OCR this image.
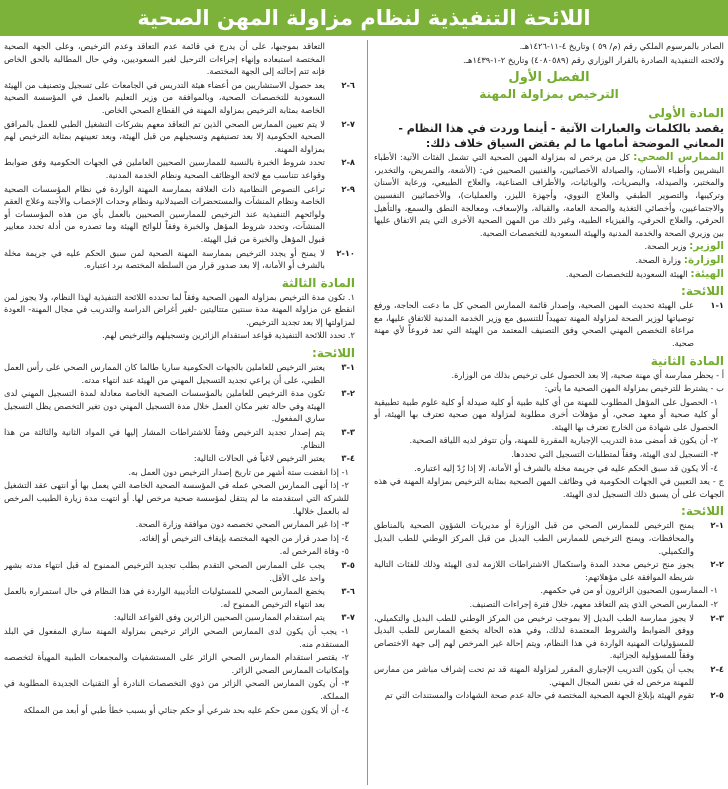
اللائحة التنفيذية لنظام مزاولة المهن الصحية

الصادر بالمرسوم الملكي رقم (م/ ٥٩ ) وتاريخ ٤-١١-١٤٢٦هـ.

ولائحته التنفيذية الصادرة بالقرار الوزاري رقم (٤٠٨٠٥٨٩) وتاريخ ٢-١-١٤٣٩هـ.

الفصل الأول
الترخيص بمزاولة المهنة
المادة الأولى
يقصد بالكلمات والعبارات الآتية - أينما وردت في هذا النظام - المعاني الموضحة أمامها ما لم يقتض السياق خلاف ذلك:

الممارس الصحي: كل من يرخص له بمزاولة المهن الصحية التي تشمل الفئات الآتية: الأطباء البشريين وأطباء الأسنان، والصيادلة الأخصائيين، والفنيين الصحيين في: (الأشعة، والتمريض، والتخدير، والمختبر، والصيدلة، والبصريات، والوبائيات، والأطراف الصناعية، والعلاج الطبيعي، ورعاية الأسنان وتركيبها، والتصوير الطبقي والعلاج النووي، وأجهزة الليزر، والعمليات)، والأخصائيين النفسيين والاجتماعيين، وأخصائي التغذية والصحة العامة، والقبالة، والإسعاف، ومعالجة النطق والسمع، والتأهيل الحرفي، والعلاج الحرفي، والفيزياء الطبية، وغير ذلك من المهن الصحية الأخرى التي يتم الاتفاق عليها بين وزيري الصحة والخدمة المدنية والهيئة السعودية للتخصصات الصحية.

الوزير: وزير الصحة.

الوزارة: وزارة الصحة.

الهيئة: الهيئة السعودية للتخصصات الصحية.

اللائحة:
١-١
على الهيئة تحديث المهن الصحية، وإصدار قائمة الممارس الصحي كل ما دعت الحاجة، ورفع توصياتها لوزير الصحة لمزاولة المهنة تمهيداً للتنسيق مع وزير الخدمة المدنية للاتفاق عليها، مع مراعاة التخصص المهني الصحي وفق التصنيف المعتمد من الهيئة التي تعد فروعاً لأي مهنة صحية.
المادة الثانية

أ - يحظر ممارسة أي مهنة صحية، إلا بعد الحصول على ترخيص بذلك من الوزارة.

ب - يشترط للترخيص بمزاولة المهن الصحية ما يأتي:

١- الحصول على المؤهل المطلوب للمهنة من أي كلية طبية أو كلية صيدلة أو كلية علوم طبية تطبيقية أو كلية صحية أو معهد صحي، أو مؤهلات أخرى مطلوبة لمزاولة مهن صحية تعترف بها الهيئة، أو الحصول على شهادة من الخارج تعترف بها الهيئة.

٢- أن يكون قد أمضى مدة التدريب الإجبارية المقررة للمهنة، وأن تتوفر لديه اللياقة الصحية.

٣- التسجيل لدى الهيئة، وفقاً لمتطلبات التسجيل التي تحددها.

٤- ألا يكون قد سبق الحكم عليه في جريمة مخلة بالشرف أو الأمانة، إلا إذا رُدّ إليه اعتباره.

ج - يعد التعيين في الجهات الحكومية في وظائف المهن الصحية بمثابة الترخيص بمزاولة المهنة في هذه الجهات على أن يسبق ذلك التسجيل لدى الهيئة.

اللائحة:
١-٢
يمنح الترخيص للممارس الصحي من قبل الوزارة أو مديريات الشؤون الصحية بالمناطق والمحافظات، ويمنح الترخيص للممارس الطب البديل من قبل المركز الوطني للطب البديل والتكميلي.
٢-٢
يجوز منح ترخيص محدد المدة واستكمال الاشتراطات اللازمة لدى الهيئة وذلك للفئات التالية شريطة الموافقة على مؤهلاتهم:

١- الممارسون الصحيون الزائرون أو من في حكمهم.

٢- الممارس الصحي الذي يتم التعاقد معهم، خلال فترة إجراءات التصنيف.

٣-٢
لا يجوز ممارسة الطب البديل إلا بموجب ترخيص من المركز الوطني للطب البديل والتكميلي، ووفق الضوابط والشروط المعتمدة لذلك، وفي هذه الحالة يخضع الممارس للطب البديل للمسؤوليات المهنية الواردة في هذا النظام، ويتم إحالة غير المرخص لهم إلى جهة الاختصاص وفقاً للمسؤولية الجزائية.
٤-٢
يجب أن يكون التدريب الإجباري المقرر لمزاولة المهنة قد تم تحت إشراف مباشر من ممارس للمهنة مرخص له في نفس المجال المهني.
٥-٢
تقوم الهيئة بإبلاغ الجهة الصحية المختصة في حالة عدم صحة الشهادات والمستندات التي تم
التعاقد بموجبها، على أن يدرج في قائمة عدم التعاقد وعدم الترخيص، وعلى الجهة الصحية المختصة استبعاده وإنهاء إجراءات الترحيل لغير السعوديين، وفي حال المطالبة بالحق الخاص فإنه تتم إحالته إلى الجهة المختصة.
٦-٢
يعد حصول الاستشاريين من أعضاء هيئة التدريس في الجامعات على تسجيل وتصنيف من الهيئة السعودية للتخصصات الصحية، وبالموافقة من وزير التعليم بالعمل في المؤسسة الصحية الخاصة بمثابة الترخيص بمزاولة المهنة في القطاع الصحي الخاص.
٧-٢
لا يتم تعيين الممارس الصحي الذين تم التعاقد معهم بشركات التشغيل الطبي للعمل بالمرافق الصحية الحكومية إلا بعد تصنيفهم وتسجيلهم من قبل الهيئة، وبعد تعيينهم بمثابة الترخيص لهم بمزاولة المهنة.
٨-٢
تحدد شروط الخبرة بالنسبة للممارسين الصحيين العاملين في الجهات الحكومية وفق ضوابط وقواعد تتناسب مع لائحة الوظائف الصحية ونظام الخدمة المدنية.
٩-٢
تراعى النصوص النظامية ذات العلاقة بممارسة المهنة الواردة في نظام المؤسسات الصحية الخاصة ونظام المنشآت والمستحضرات الصيدلانية ونظام وحدات الإخصاب والأجنة وعلاج العقم ولوائحهم التنفيذية عند الترخيص للممارسين الصحيين بالعمل بأي من هذه المؤسسات أو المنشآت، وتحدد شروط المؤهل والخبرة وفقاً للوائح الهيئة وما تصدره من أدلة تحدد معايير قبول المؤهل والخبرة من قبل الهيئة.
١٠-٢
لا يمنح أو يجدد الترخيص بممارسة المهنة الصحية لمن سبق الحكم عليه في جريمة مخلة بالشرف أو الأمانة، إلا بعد صدور قرار من السلطة المختصة برد اعتباره.
المادة الثالثة

١. تكون مدة الترخيص بمزاولة المهن الصحية وفقاً لما تحدده اللائحة التنفيذية لهذا النظام، ولا يجوز لمن انقطع عن مزاولة المهنة مدة سنتين متتاليتين -لغير أغراض الدراسة والتدريب في مجال المهنة- العودة لمزاولتها إلا بعد تجديد الترخيص.

٢. تحدد اللائحة التنفيذية قواعد استقدام الزائرين وتسجيلهم والترخيص لهم.

اللائحة:
١-٣
يعتبر الترخيص للعاملين بالجهات الحكومية ساريا طالما كان الممارس الصحي على رأس العمل الطبي، على أن يراعي تجديد التسجيل المهني من الهيئة عند انتهاء مدته.
٢-٣
تكون مدة الترخيص للعاملين بالمؤسسات الصحية الخاصة معادلة لمدة التسجيل المهني لدى الهيئة وفي حالة تغير مكان العمل خلال مدة التسجيل المهني دون تغير التخصص يظل التسجيل ساري المفعول.
٣-٣
يتم إصدار تجديد الترخيص وفقاً للاشتراطات المشار إليها في المواد الثانية والثالثة من هذا النظام.
٤-٣
يعتبر الترخيص لاغياً في الحالات التالية:

١- إذا انقضت ستة أشهر من تاريخ إصدار الترخيص دون العمل به.

٢- إذا أنهى الممارس الصحي عمله في المؤسسة الصحية الخاصة التي يعمل بها أو انتهى عقد التشغيل للشركة التي استقدمته ما لم ينتقل لمؤسسة صحية مرخص لها. أو انتهت مدة زيارة الطبيب المرخص له بالعمل خلالها.

٣- إذا غير الممارس الصحي تخصصه دون موافقة وزارة الصحة.

٤- إذا صدر قرار من الجهة المختصة بإيقاف الترخيص أو إلغائه.

٥- وفاة المرخص له.

٥-٣
يجب على الممارس الصحي التقدم بطلب تجديد الترخيص الممنوح له قبل انتهاء مدته بشهر واحد على الأقل.
٦-٣
يخضع الممارس الصحي للمسئوليات التأديبية الواردة في هذا النظام في حال استمراره بالعمل بعد انتهاء الترخيص الممنوح له.
٧-٣
يتم استقدام الممارسين الصحيين الزائرين وفق القواعد التالية:

١- يجب أن يكون لدى الممارس الصحي الزائر ترخيص بمزاولة المهنة ساري المفعول في البلد المستقدم منه.

٢- يقتصر استقدام الممارس الصحي الزائر على المستشفيات والمجمعات الطبية المهيأة لتخصصه وإمكانيات الممارس الصحي الزائر.

٣- أن يكون الممارس الصحي الزائر من ذوي التخصصات النادرة أو التقنيات الجديدة المطلوبة في المملكة.

٤- أن ألا يكون ممن حكم عليه بحد شرعي أو حكم جنائي أو بسبب خطأ طبي أو أبعد من المملكة
